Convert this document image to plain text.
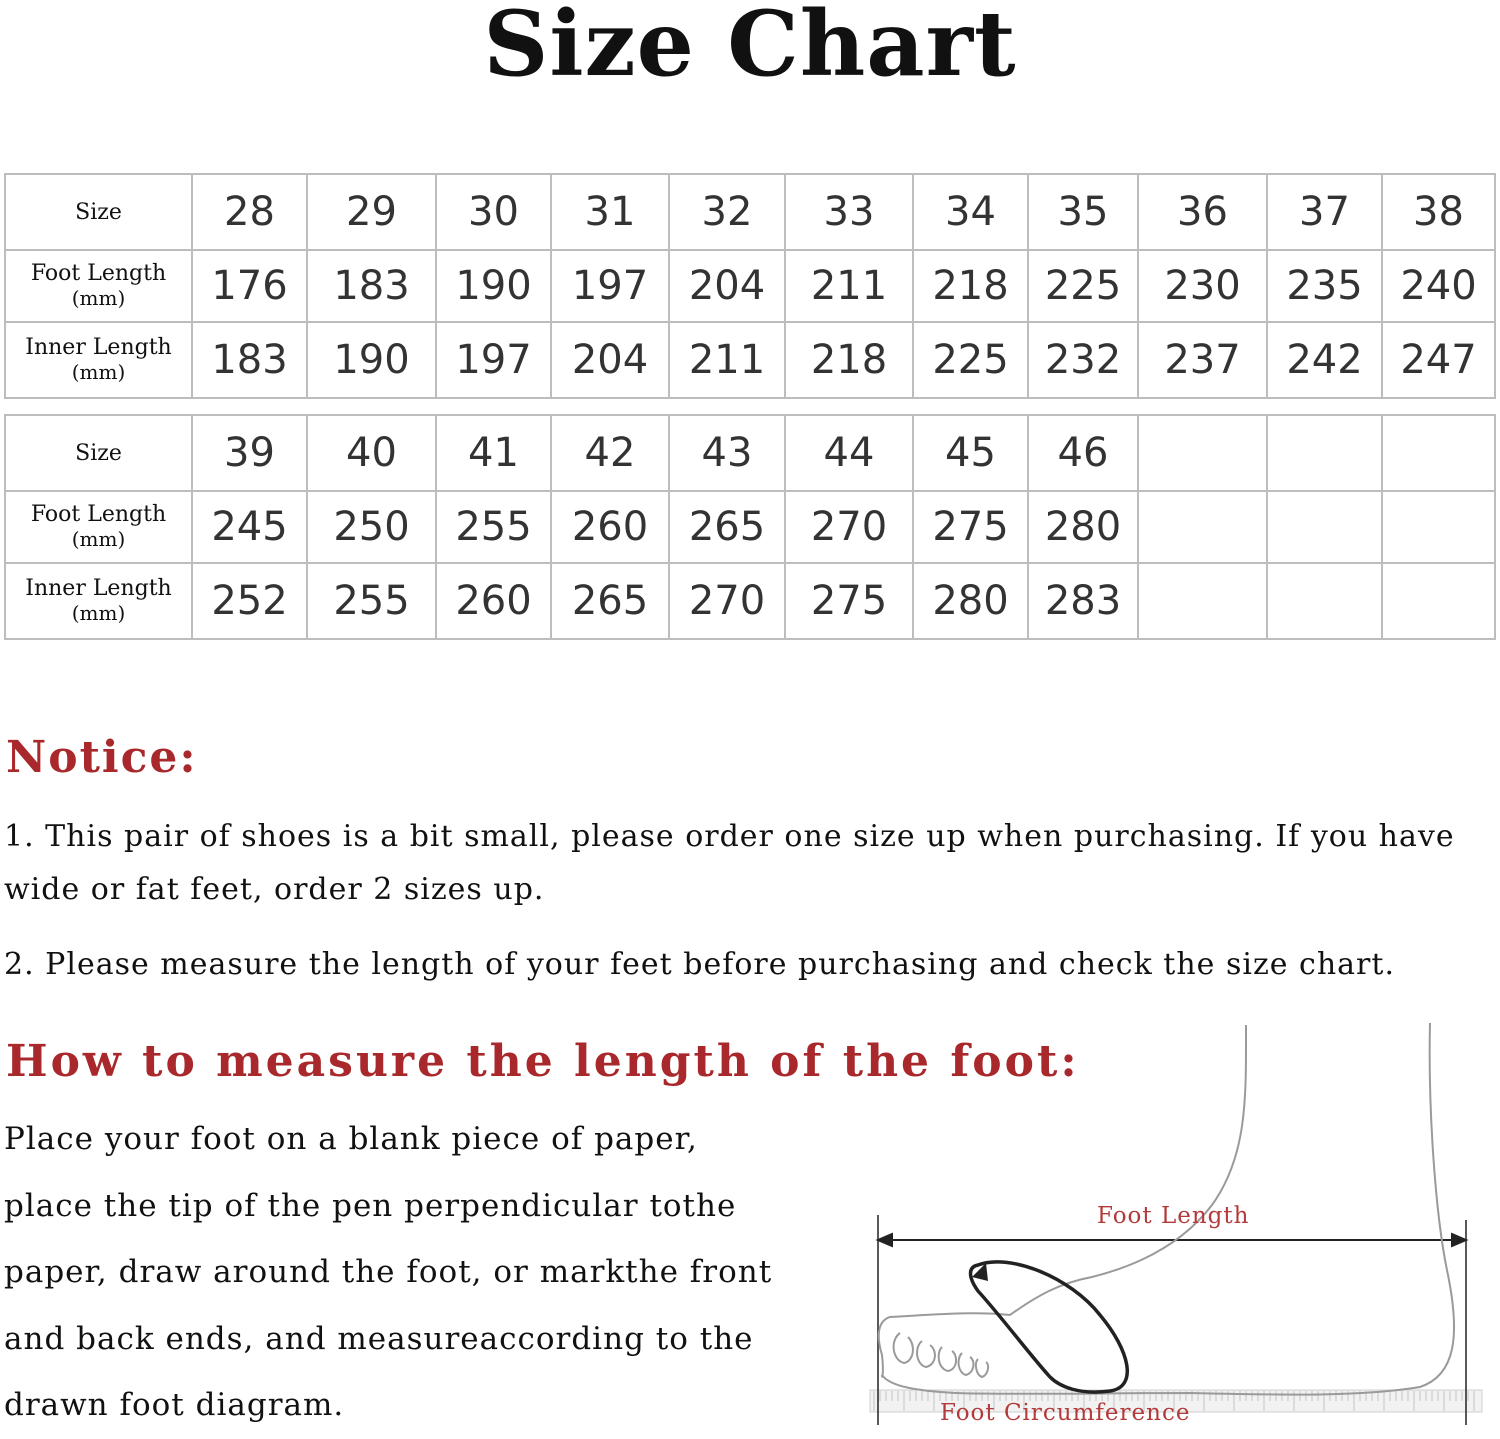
Size Chart
Size	28	29	30	31	32	33	34	35	36	37	38
Foot Length
(mm)	176	183	190	197	204	211	218	225	230	235	240
Inner Length
(mm)	183	190	197	204	211	218	225	232	237	242	247
Size	39	40	41	42	43	44	45	46			
Foot Length
(mm)	245	250	255	260	265	270	275	280			
Inner Length
(mm)	252	255	260	265	270	275	280	283			
Notice:

1. This pair of shoes is a bit small, please order one size up when purchasing. If you have wide or fat feet, order 2 sizes up.

2. Please measure the length of your feet before purchasing and check the size chart.

How to measure the length of the foot:
Place your foot on a blank piece of paper,
place the tip of the pen perpendicular tothe
paper, draw around the foot, or markthe front
and back ends, and measureaccording to the
drawn foot diagram.
Foot Length
Foot Circumference
